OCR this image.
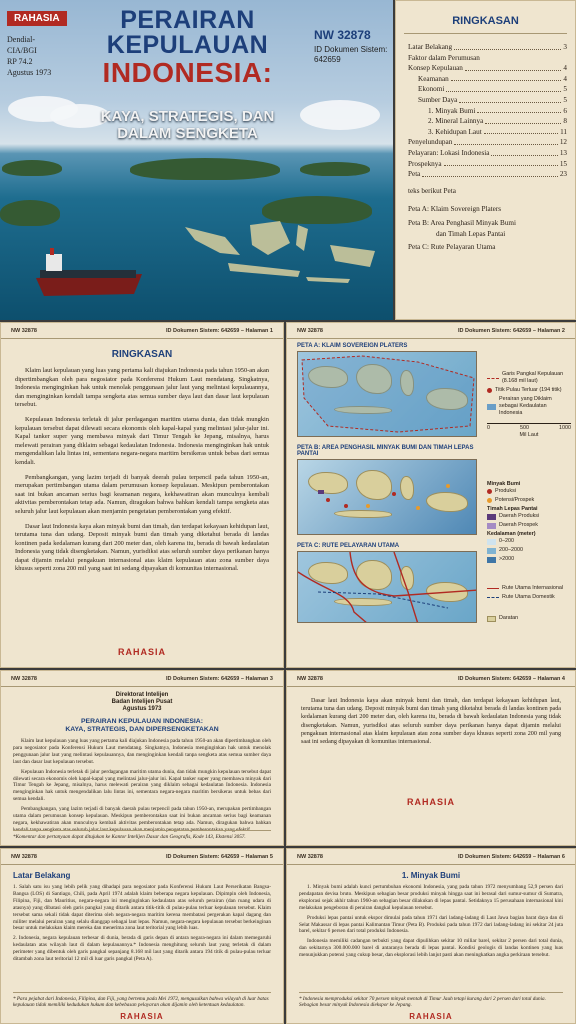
RAHASIA
Dendial-
CIA/BGI
RP 74.2
Agustus 1973
PERAIRAN
KEPULAUAN
INDONESIA:
KAYA, STRATEGIS, DAN
DALAM SENGKETA
NW 32878
ID Dokumen Sistem:
642659
RINGKASAN
Latar Belakang	3
Faktor dalam Perumusan
Konsep Kepulauan	4
Keamanan	4
Ekonomi	5
Sumber Daya	5
1. Minyak Bumi	6
2. Mineral Lainnya	8
3. Kehidupan Laut	11
Penyelundupan	12
Pelayaran: Lokasi Indonesia	13
Prospeknya	15
Peta	23
teks berikut Peta
Peta A: Klaim Sovereign Platers
Peta B: Area Penghasil Minyak Bumi
dan Timah Lepas Pantai
Peta C: Rute Pelayaran Utama
NW 32878	ID Dokumen Sistem: 642659 – Halaman 1
RINGKASAN

Klaim laut kepulauan yang luas yang pertama kali diajukan Indonesia pada tahun 1950-an akan dipertimbangkan oleh para negosiator pada Konferensi Hukum Laut mendatang. Singkatnya, Indonesia menginginkan hak untuk menolak penggunaan jalur laut yang melintasi kepulauannya, dan menginginkan kendali tampa sengketa atas semua sumber daya laut dan dasar laut kepulauan tersebut.

Kepulauan Indonesia terletak di jalur perdagangan maritim utama dunia, dan tidak mungkin kepulauan tersebut dapat dilewati secara ekonomis oleh kapal-kapal yang melintasi jalur-jalur ini. Kapal tanker super yang membawa minyak dari Timur Tengah ke Jepang, misalnya, harus melewati perairan yang diklaim sebagai kedaulatan Indonesia. Indonesia menginginkan hak untuk mengendalikan lalu lintas ini, sementara negara-negara maritim bersikeras untuk bebas dari semua kendali.

Pembangkangan, yang lazim terjadi di banyak deerah pulau terpencil pada tahun 1950-an, merupakan pertimbangan utama dalam perumusan konsep kepulauan. Meskipun pemberontakan saat ini bukan ancaman serius bagi keamanan negara, kekhawatiran akan munculnya kembali aktivitas pemberontakan tetap ada. Namun, diragukan bahwa bahkan kendali tampa sengketa atas seluruh jalur laut kepulauan akan menjamin pengetatan pemberontakan yang efektif.

Dasar laut Indonesia kaya akan minyak bumi dan timah, dan terdapat kekayaan kehidupan laut, terutama tuna dan udang. Deposit minyak bumi dan timah yang diketahui berada di landas kontinen pada kedalaman kurang dari 200 meter dan, oleh karena itu, berada di bawah kedaulatan Indonesia yang tidak disengketakan. Namun, yurisdiksi atas seluruh sumber daya perikanan hanya dapat dijamin melalui pengakuan internasional atas klaim kepulauan atau zona sumber daya khusus seperti zona 200 mil yang saat ini sedang dipayakan di komunitas internasional.

RAHASIA
NW 32878	ID Dokumen Sistem: 642659 – Halaman 2
PETA A: KLAIM SOVEREIGN PLATERS
Garis Pangkal Kepulauan (8.168 mil laut)
Titik Pulau Terluar (194 titik)
Perairan yang Diklaim sebagai Kedaulatan Indonesia
0	500	1000
Mil Laut
PETA B: AREA PENGHASIL MINYAK BUMI DAN TIMAH LEPAS PANTAI
Minyak Bumi
Produksi
Potensi/Prospek
Timah Lepas Pantai
Daerah Produksi
Daerah Prospek
Kedalaman (meter)
0–200
200–2000
>2000
PETA C: RUTE PELAYARAN UTAMA
Rute Utama Internasional
Rute Utama Domestik
Daratan
NW 32878	ID Dokumen Sistem: 642659 – Halaman 3
Direktorat Intelijen
Badan Intelijen Pusat
Agustus 1973
PERAIRAN KEPULAUAN INDONESIA:
KAYA, STRATEGIS, DAN DIPERSENGKETAKAN

Klaim laut kepulauan yang luas yang pertama kali diajukan Indonesia pada tahun 1950-an akan dipertimbangkan oleh para negosiator pada Konferensi Hukum Laut mendatang. Singkatnya, Indonesia menginginkan hak untuk menolak penggunaan jalur laut yang melintasi kepulauannya, dan menginginkan kendali tanpa sengketa atas semua sumber daya laut dan dasar laut kepulauan tersebut.

Kepulauan Indonesia terletak di jalur perdagangan maritim utama dunia, dan tidak mungkin kepulauan tersebut dapat dilewati secara ekonomis oleh kapal-kapal yang melintasi jalur-jalur ini. Kapal tanker super yang membawa minyak dari Timur Tengah ke Jepang, misalnya, harus melewati perairan yang diklaim sebagai kedaulatan Indonesia. Indonesia menginginkan hak untuk mengendalikan lalu lintas ini, sementara negara-negara maritim bersikeras untuk bebas dari semua kendali.

Pembangkangan, yang lazim terjadi di banyak daerah pulau terpencil pada tahun 1950-an, merupakan pertimbangan utama dalam perumusan konsep kepulauan. Meskipun pemberontakan saat ini bukan ancaman serius bagi keamanan negara, kekhawatiran akan munculnya kembali aktivitas pemberontakan tetap ada. Namun, diragukan bahwa bahkan kendali tanpa sengketa atas seluruh jalur laut kepulauan akan menjamin pengetatan pemberontakan yang efektif.

*Komentar dan pertanyaan dapat ditujukan ke Kantor Intelijen Dasar dan Geografis, Kode 143, Ekstensi 3057.
NW 32878	ID Dokumen Sistem: 642659 – Halaman 4

Dasar laut Indonesia kaya akan minyak bumi dan timah, dan terdapat kekayaan kehidupan laut, terutama tuna dan udang. Deposit minyak bumi dan timah yang diketahui berada di landas kontinen pada kedalaman kurang dari 200 meter dan, oleh karena itu, berada di bawah kedaulatan Indonesia yang tidak disengketakan. Namun, yurisdiksi atas seluruh sumber daya perikanan hanya dapat dijamin melalui pengakuan internasional atas klaim kepulauan atau zona sumber daya khusus seperti zona 200 mil yang saat ini sedang dipayakan di komunitas internasional.

RAHASIA
NW 32878	ID Dokumen Sistem: 642659 – Halaman 5
Latar Belakang

1. Salah satu isu yang lebih pelik yang dihadapi para negosiator pada Konferensi Hukum Laut Perserikatan Bangsa-Bangsa (LOS) di Santiago, Chili, pada April 1974 adalah klaim beberapa negara kepulauan. Dipimpin oleh Indonesia, Filipina, Fiji, dan Mauritius, negara-negara ini menginginkan kedaulatan atas seluruh perairan (dan ruang udara di atasnya) yang dibatasi oleh garis pangkal yang ditarik antara titik-titik di pulau-pulau terluar kepulauan tersebut. Klaim tersebut sama sekali tidak dapat diterima oleh negara-negara maritim kerena membatasi pergerakan kapal dagang dan militer melalui perairan yang selalu dianggap sebagai laut lepas. Namun, negara-negara kepulauan tersebut berkeinginan besar untuk melakukan klaim mereka dan menerima zona laut teritorial yang lebih luas.

2. Indonesia, negara kepulauan terbesar di dunia, berada di garis depan di antara negara-negara ini dalam memegaruhi kedaulatan atas wilayah laut di dalam kepulauannya.* Indonesia menghitung seluruh laut yang terletak di dalam perimeter yang dibentuk oleh garis pangkal sepanjang 8.168 mil laut yang ditarik antara 194 titik di pulau-pulau terluar ditambah zona laut teritorial 12 mil di luar garis pangkal (Peta A).

* Para pejabat dari Indonesia, Filipina, dan Fiji, yang bertemu pada Mei 1972, mengusulkan bahwa wilayah di luar batas kepulauan tidak memiliki kedudukan hukum dan kebebasan pelayaran akan dijamin oleh ketentuan kedaulatan.
RAHASIA
NW 32878	ID Dokumen Sistem: 642659 – Halaman 6
1. Minyak Bumi

1. Minyak bumi adalah kunci pertumbuhan ekonomi Indonesia, yang pada tahun 1972 menyumbang 52,9 persen dari pendapatan devisa bruto. Meskipun sebagian besar produksi minyak hingga saat ini berasal dari sumur-sumur di Sumatra, eksplorasi sejak akhir tahun 1960-an sebagian besar dilakukan di lepas pantai. Setidaknya 15 perusahaan internasional kini melakukan pengeboran di perairan dangkal kepulauan tersebut.

Produksi lepas pantai untuk ekspor dimulai pada tahun 1971 dari ladang-ladang di Laut Jawa bagian barat daya dan di Selat Makassar di lepas pantai Kalimantan Timur (Peta B). Produksi pada tahun 1972 dari ladang-ladang ini sekitar 24 juta barel, sekitar 6 persen dari total produksi Indonesia.

Indonesia memiliki cadangan terbukti yang dapat dipulihkan sekitar 10 miliar barel, sekitar 2 persen dari total dunia, dan sekitarnya 300.000.000 barel di antaranya berada di lepas pantai. Kondisi geologis di landas kontinen yang luas menunjukkan potensi yang cukup besar, dan eksplorasi lebih lanjut pasti akan meningkatkan angka perkiraan tersebut.

* Indonesia memproduksi sekitar 70 persen minyak mentah di Timur Jauh tetapi kurang dari 2 persen dari total dunia. Sebagian besar minyak Indonesia diekspor ke Jepang.
RAHASIA
